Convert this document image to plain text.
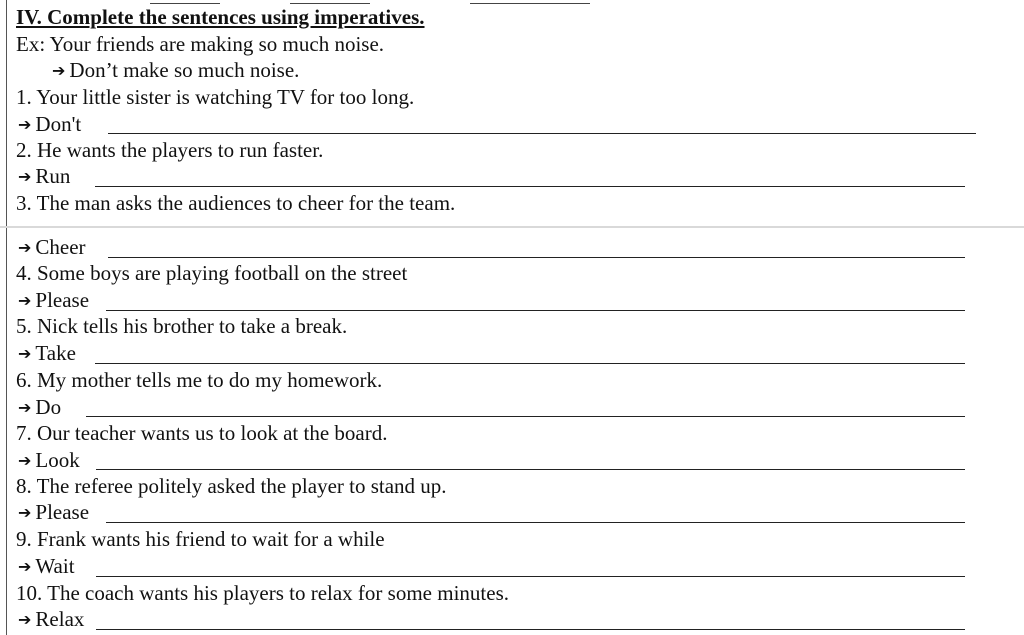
IV. Complete the sentences using imperatives.
Ex: Your friends are making so much noise.
➔ Don’t make so much noise.
1. Your little sister is watching TV for too long.
➔ Don't
2. He wants the players to run faster.
➔ Run
3. The man asks the audiences to cheer for the team.
➔ Cheer
4. Some boys are playing football on the street
➔ Please
5. Nick tells his brother to take a break.
➔ Take
6. My mother tells me to do my homework.
➔ Do
7. Our teacher wants us to look at the board.
➔ Look
8. The referee politely asked the player to stand up.
➔ Please
9. Frank wants his friend to wait for a while
➔ Wait
10. The coach wants his players to relax for some minutes.
➔ Relax
